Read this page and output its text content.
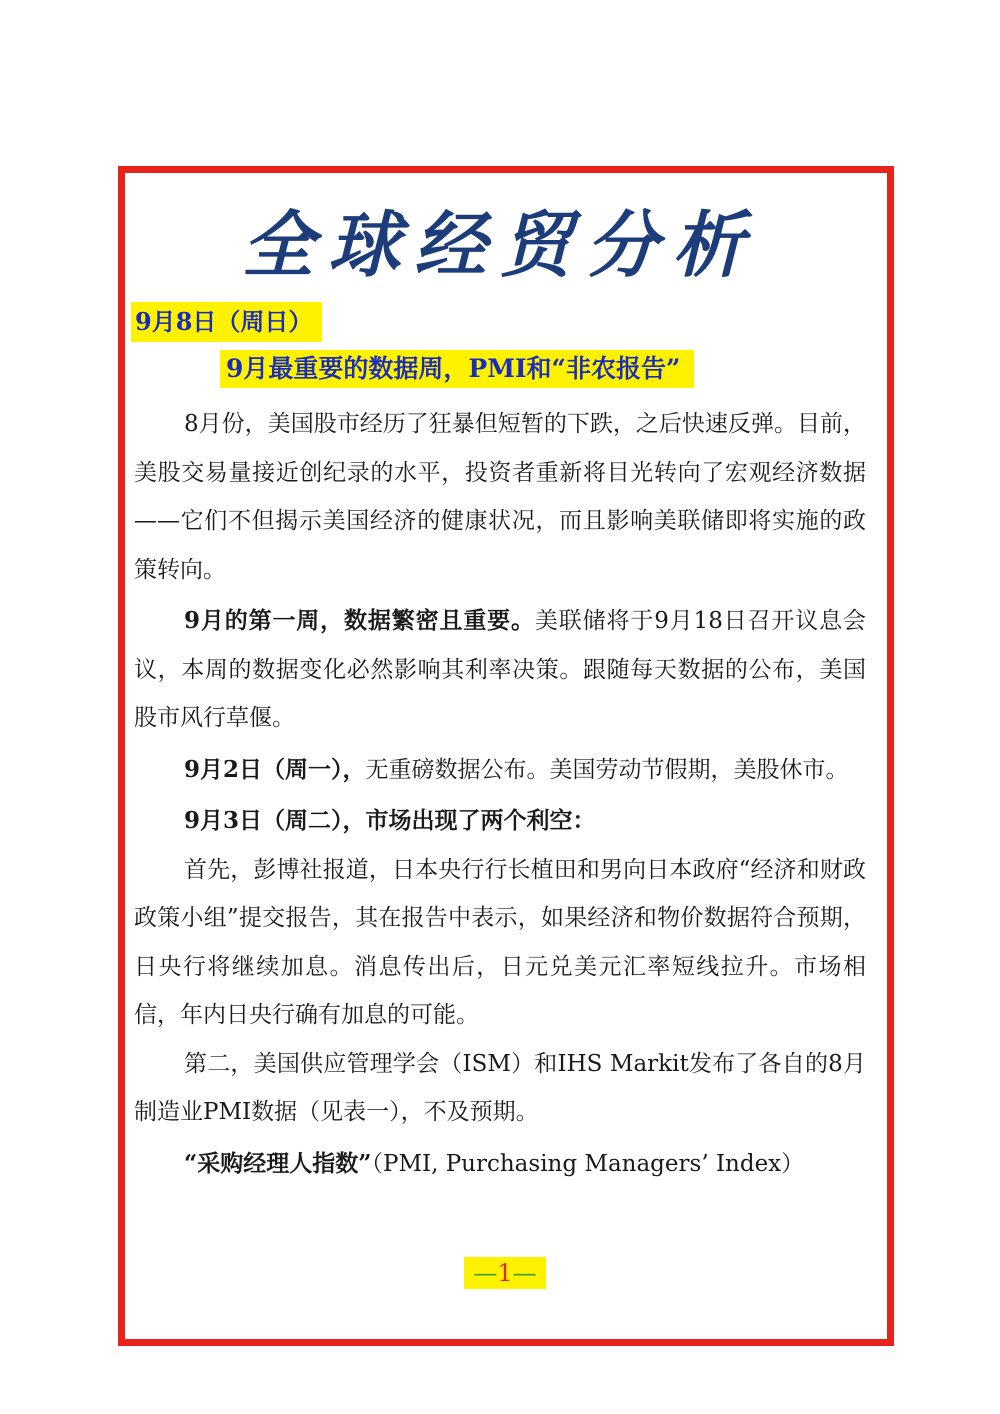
全球经贸分析
9月8日（周日）
9月最重要的数据周，PMI和“非农报告”

8月份，美国股市经历了狂暴但短暂的下跌，之后快速反弹。目前，美股交易量接近创纪录的水平，投资者重新将目光转向了宏观经济数据——它们不但揭示美国经济的健康状况，而且影响美联储即将实施的政策转向。

9月的第一周，数据繁密且重要。美联储将于9月18日召开议息会议，本周的数据变化必然影响其利率决策。跟随每天数据的公布，美国股市风行草偃。

9月2日（周一），无重磅数据公布。美国劳动节假期，美股休市。

9月3日（周二），市场出现了两个利空：

首先，彭博社报道，日本央行行长植田和男向日本政府“经济和财政政策小组”提交报告，其在报告中表示，如果经济和物价数据符合预期，日央行将继续加息。消息传出后，日元兑美元汇率短线拉升。市场相信，年内日央行确有加息的可能。

第二，美国供应管理学会（ISM）和IHS Markit发布了各自的8月制造业PMI数据（见表一），不及预期。

“采购经理人指数”（PMI, Purchasing Managers’ Index）

—1—
